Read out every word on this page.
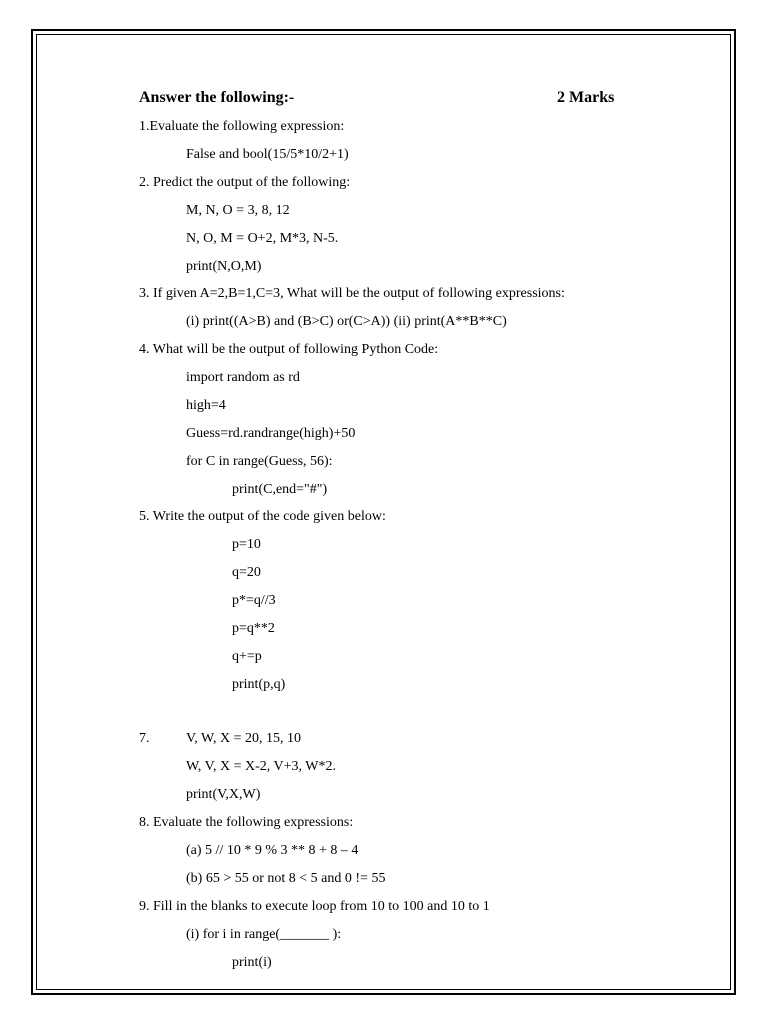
Answer the following:-	2 Marks
1.Evaluate the following expression:
False and bool(15/5*10/2+1)
2. Predict the output of the following:
M, N, O = 3, 8, 12
N, O, M = O+2, M*3, N-5.
print(N,O,M)
3. If given A=2,B=1,C=3, What will be the output of following expressions:
(i) print((A>B) and (B>C) or(C>A)) (ii) print(A**B**C)
4. What will be the output of following Python Code:
import random as rd
high=4
Guess=rd.randrange(high)+50
for C in range(Guess, 56):
print(C,end="#")
5. Write the output of the code given below:
p=10
q=20
p*=q//3
p=q**2
q+=p
print(p,q)
7.	V, W, X = 20, 15, 10
W, V, X = X-2, V+3, W*2.
print(V,X,W)
8. Evaluate the following expressions:
(a) 5 // 10 * 9 % 3 ** 8 + 8 – 4
(b) 65 > 55 or not 8 < 5 and 0 != 55
9. Fill in the blanks to execute loop from 10 to 100 and 10 to 1
(i) for i in range(_______ ):
print(i)
